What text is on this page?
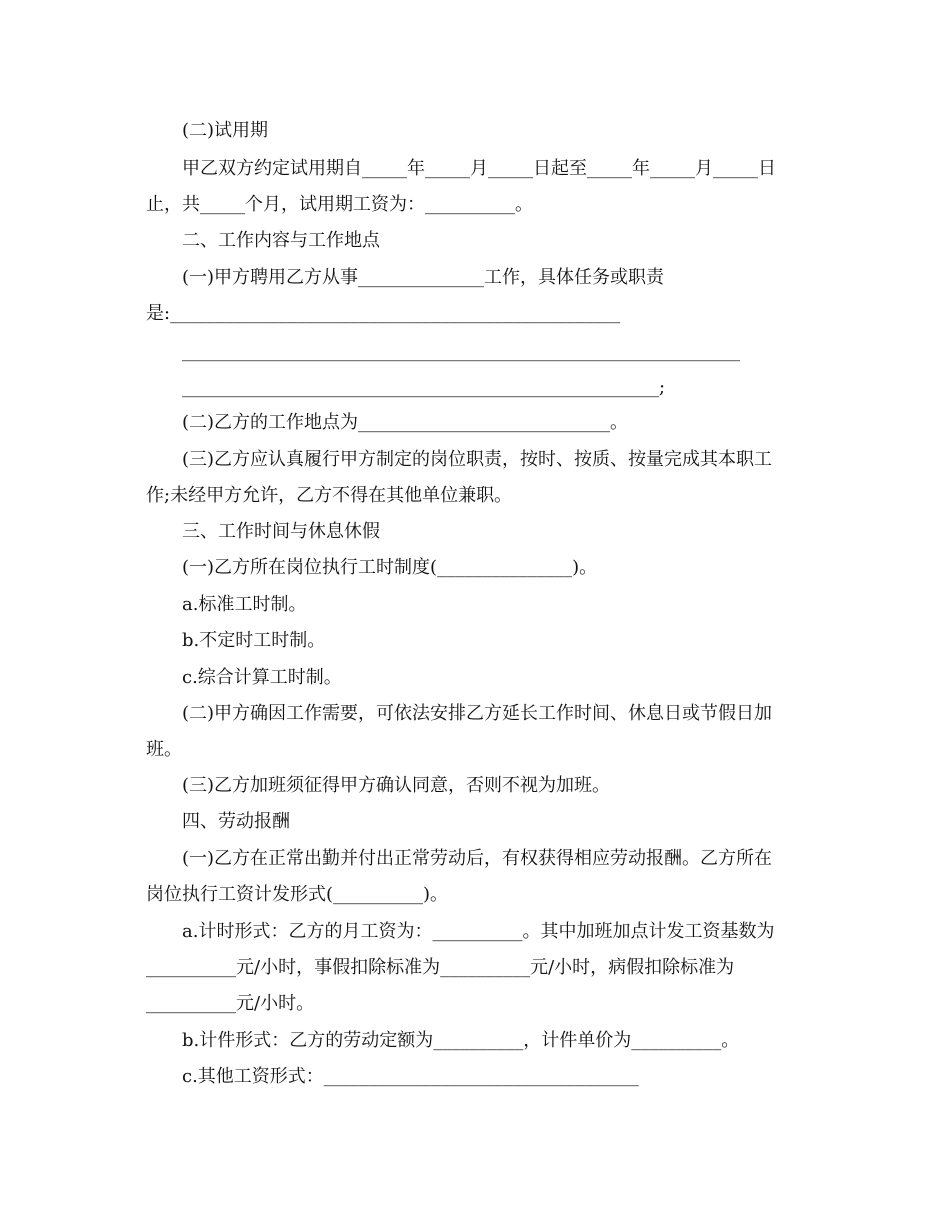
(二)试用期
甲乙双方约定试用期自_____年_____月_____日起至_____年_____月_____日
止，共_____个月，试用期工资为：__________。
二、工作内容与工作地点
(一)甲方聘用乙方从事______________工作，具体任务或职责
是:__________________________________________________
______________________________________________________________
_____________________________________________________;
(二)乙方的工作地点为____________________________。
(三)乙方应认真履行甲方制定的岗位职责，按时、按质、按量完成其本职工
作;未经甲方允许，乙方不得在其他单位兼职。
三、工作时间与休息休假
(一)乙方所在岗位执行工时制度(_______________)。
a.标准工时制。
b.不定时工时制。
c.综合计算工时制。
(二)甲方确因工作需要，可依法安排乙方延长工作时间、休息日或节假日加
班。
(三)乙方加班须征得甲方确认同意，否则不视为加班。
四、劳动报酬
(一)乙方在正常出勤并付出正常劳动后，有权获得相应劳动报酬。乙方所在
岗位执行工资计发形式(__________)。
a.计时形式：乙方的月工资为：__________。其中加班加点计发工资基数为
__________元/小时，事假扣除标准为__________元/小时，病假扣除标准为
__________元/小时。
b.计件形式：乙方的劳动定额为__________，计件单价为__________。
c.其他工资形式：___________________________________
